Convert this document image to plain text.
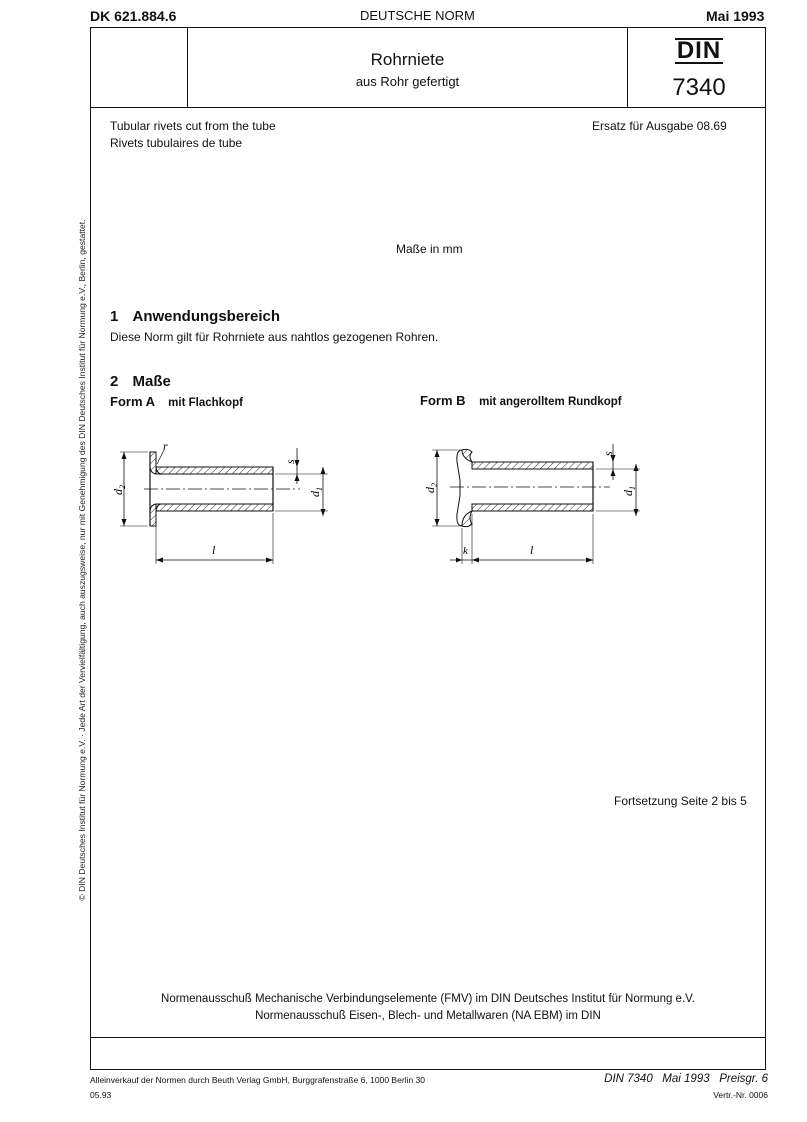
DK 621.884.6	DEUTSCHE NORM	Mai 1993
Rohrniete
aus Rohr gefertigt
DIN
7340
Tubular rivets cut from the tube
Rivets tubulaires de tube
Ersatz für Ausgabe 08.69
Maße in mm
1 Anwendungsbereich
Diese Norm gilt für Rohrniete aus nahtlos gezogenen Rohren.
2 Maße
Form A mit Flachkopf	Form B mit angerolltem Rundkopf
r
s
$d_1$
$d_2$
l
s
$d_1$
$d_2$
k	l
Fortsetzung Seite 2 bis 5
Normenausschuß Mechanische Verbindungselemente (FMV) im DIN Deutsches Institut für Normung e.V.
Normenausschuß Eisen-, Blech- und Metallwaren (NA EBM) im DIN
© DIN Deutsches Institut für Normung e.V. · Jede Art der Vervielfältigung, auch auszugsweise, nur mit Genehmigung des DIN Deutsches Institut für Normung e.V., Berlin, gestattet.
Alleinverkauf der Normen durch Beuth Verlag GmbH, Burggrafenstraße 6, 1000 Berlin 30
05.93
DIN 7340   Mai 1993   Preisgr. 6
Vertr.-Nr. 0006
